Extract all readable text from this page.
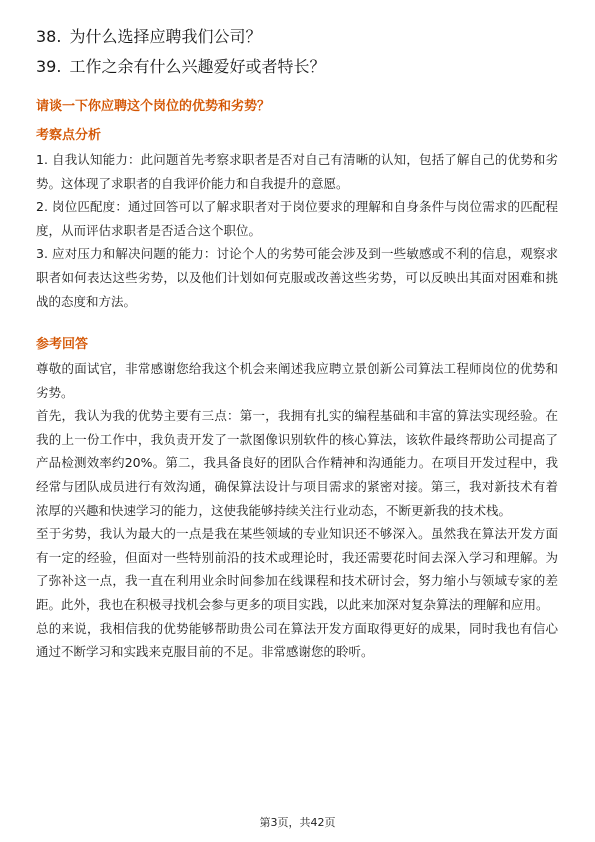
38. 为什么选择应聘我们公司？
39. 工作之余有什么兴趣爱好或者特长？
请谈一下你应聘这个岗位的优势和劣势？
考察点分析

1. 自我认知能力：此问题首先考察求职者是否对自己有清晰的认知，包括了解自己的优势和劣势。这体现了求职者的自我评价能力和自我提升的意愿。

2. 岗位匹配度：通过回答可以了解求职者对于岗位要求的理解和自身条件与岗位需求的匹配程度，从而评估求职者是否适合这个职位。

3. 应对压力和解决问题的能力：讨论个人的劣势可能会涉及到一些敏感或不利的信息，观察求职者如何表达这些劣势，以及他们计划如何克服或改善这些劣势，可以反映出其面对困难和挑战的态度和方法。

参考回答

尊敬的面试官，非常感谢您给我这个机会来阐述我应聘立景创新公司算法工程师岗位的优势和劣势。

首先，我认为我的优势主要有三点：第一，我拥有扎实的编程基础和丰富的算法实现经验。在我的上一份工作中，我负责开发了一款图像识别软件的核心算法，该软件最终帮助公司提高了产品检测效率约20%。第二，我具备良好的团队合作精神和沟通能力。在项目开发过程中，我经常与团队成员进行有效沟通，确保算法设计与项目需求的紧密对接。第三，我对新技术有着浓厚的兴趣和快速学习的能力，这使我能够持续关注行业动态，不断更新我的技术栈。

至于劣势，我认为最大的一点是我在某些领域的专业知识还不够深入。虽然我在算法开发方面有一定的经验，但面对一些特别前沿的技术或理论时，我还需要花时间去深入学习和理解。为了弥补这一点，我一直在利用业余时间参加在线课程和技术研讨会，努力缩小与领域专家的差距。此外，我也在积极寻找机会参与更多的项目实践，以此来加深对复杂算法的理解和应用。

总的来说，我相信我的优势能够帮助贵公司在算法开发方面取得更好的成果，同时我也有信心通过不断学习和实践来克服目前的不足。非常感谢您的聆听。

第3页，共42页
